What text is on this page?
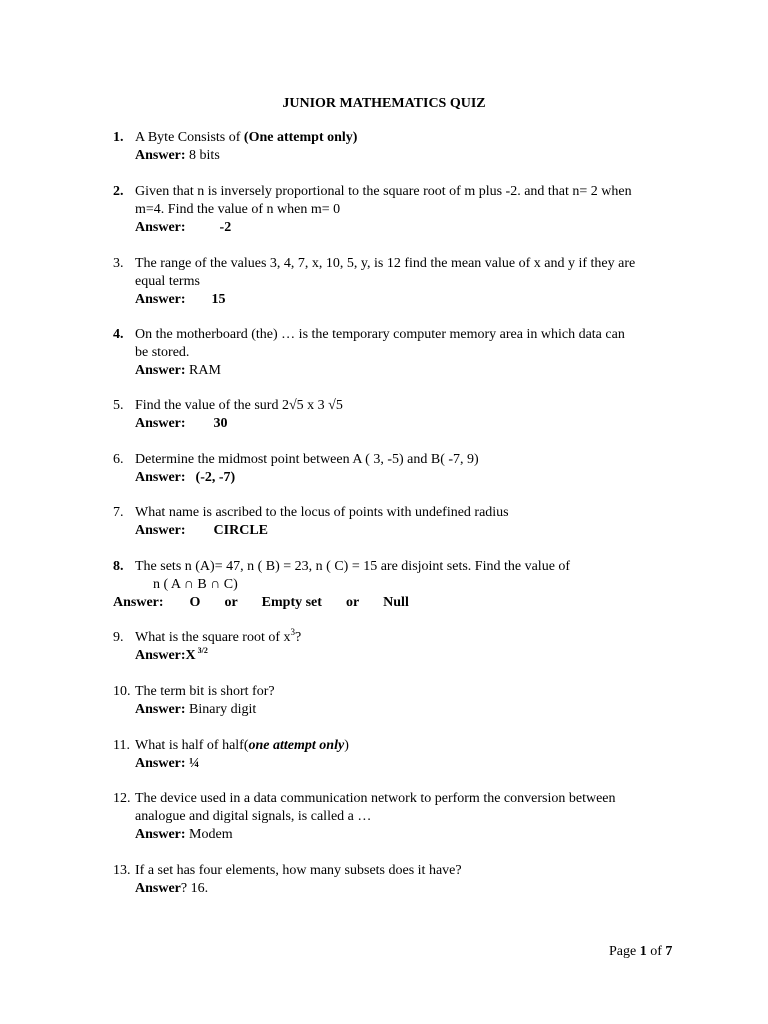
JUNIOR MATHEMATICS QUIZ
1. A Byte Consists of (One attempt only)
Answer: 8 bits
2. Given that n is inversely proportional to the square root of m plus -2. and that n= 2 when
m=4. Find the value of n when m= 0
Answer: -2
3. The range of the values 3, 4, 7, x, 10, 5, y, is 12 find the mean value of x and y if they are
equal terms
Answer: 15
4. On the motherboard (the) … is the temporary computer memory area in which data can
be stored.
Answer: RAM
5. Find the value of the surd 2√5 x 3 √5
Answer: 30
6. Determine the midmost point between A ( 3, -5) and B( -7, 9)
Answer: (-2, -7)
7. What name is ascribed to the locus of points with undefined radius
Answer: CIRCLE
8. The sets n (A)= 47, n ( B) = 23, n ( C) = 15 are disjoint sets. Find the value of
n ( A ∩ B ∩ C)
Answer: O or Empty set or Null
9. What is the square root of $x^3$?
Answer:X $^{3/2}$
10. The term bit is short for?
Answer: Binary digit
11. What is half of half(one attempt only)
Answer: ¼
12. The device used in a data communication network to perform the conversion between
analogue and digital signals, is called a …
Answer: Modem
13. If a set has four elements, how many subsets does it have?
Answer? 16.
Page 1 of 7
